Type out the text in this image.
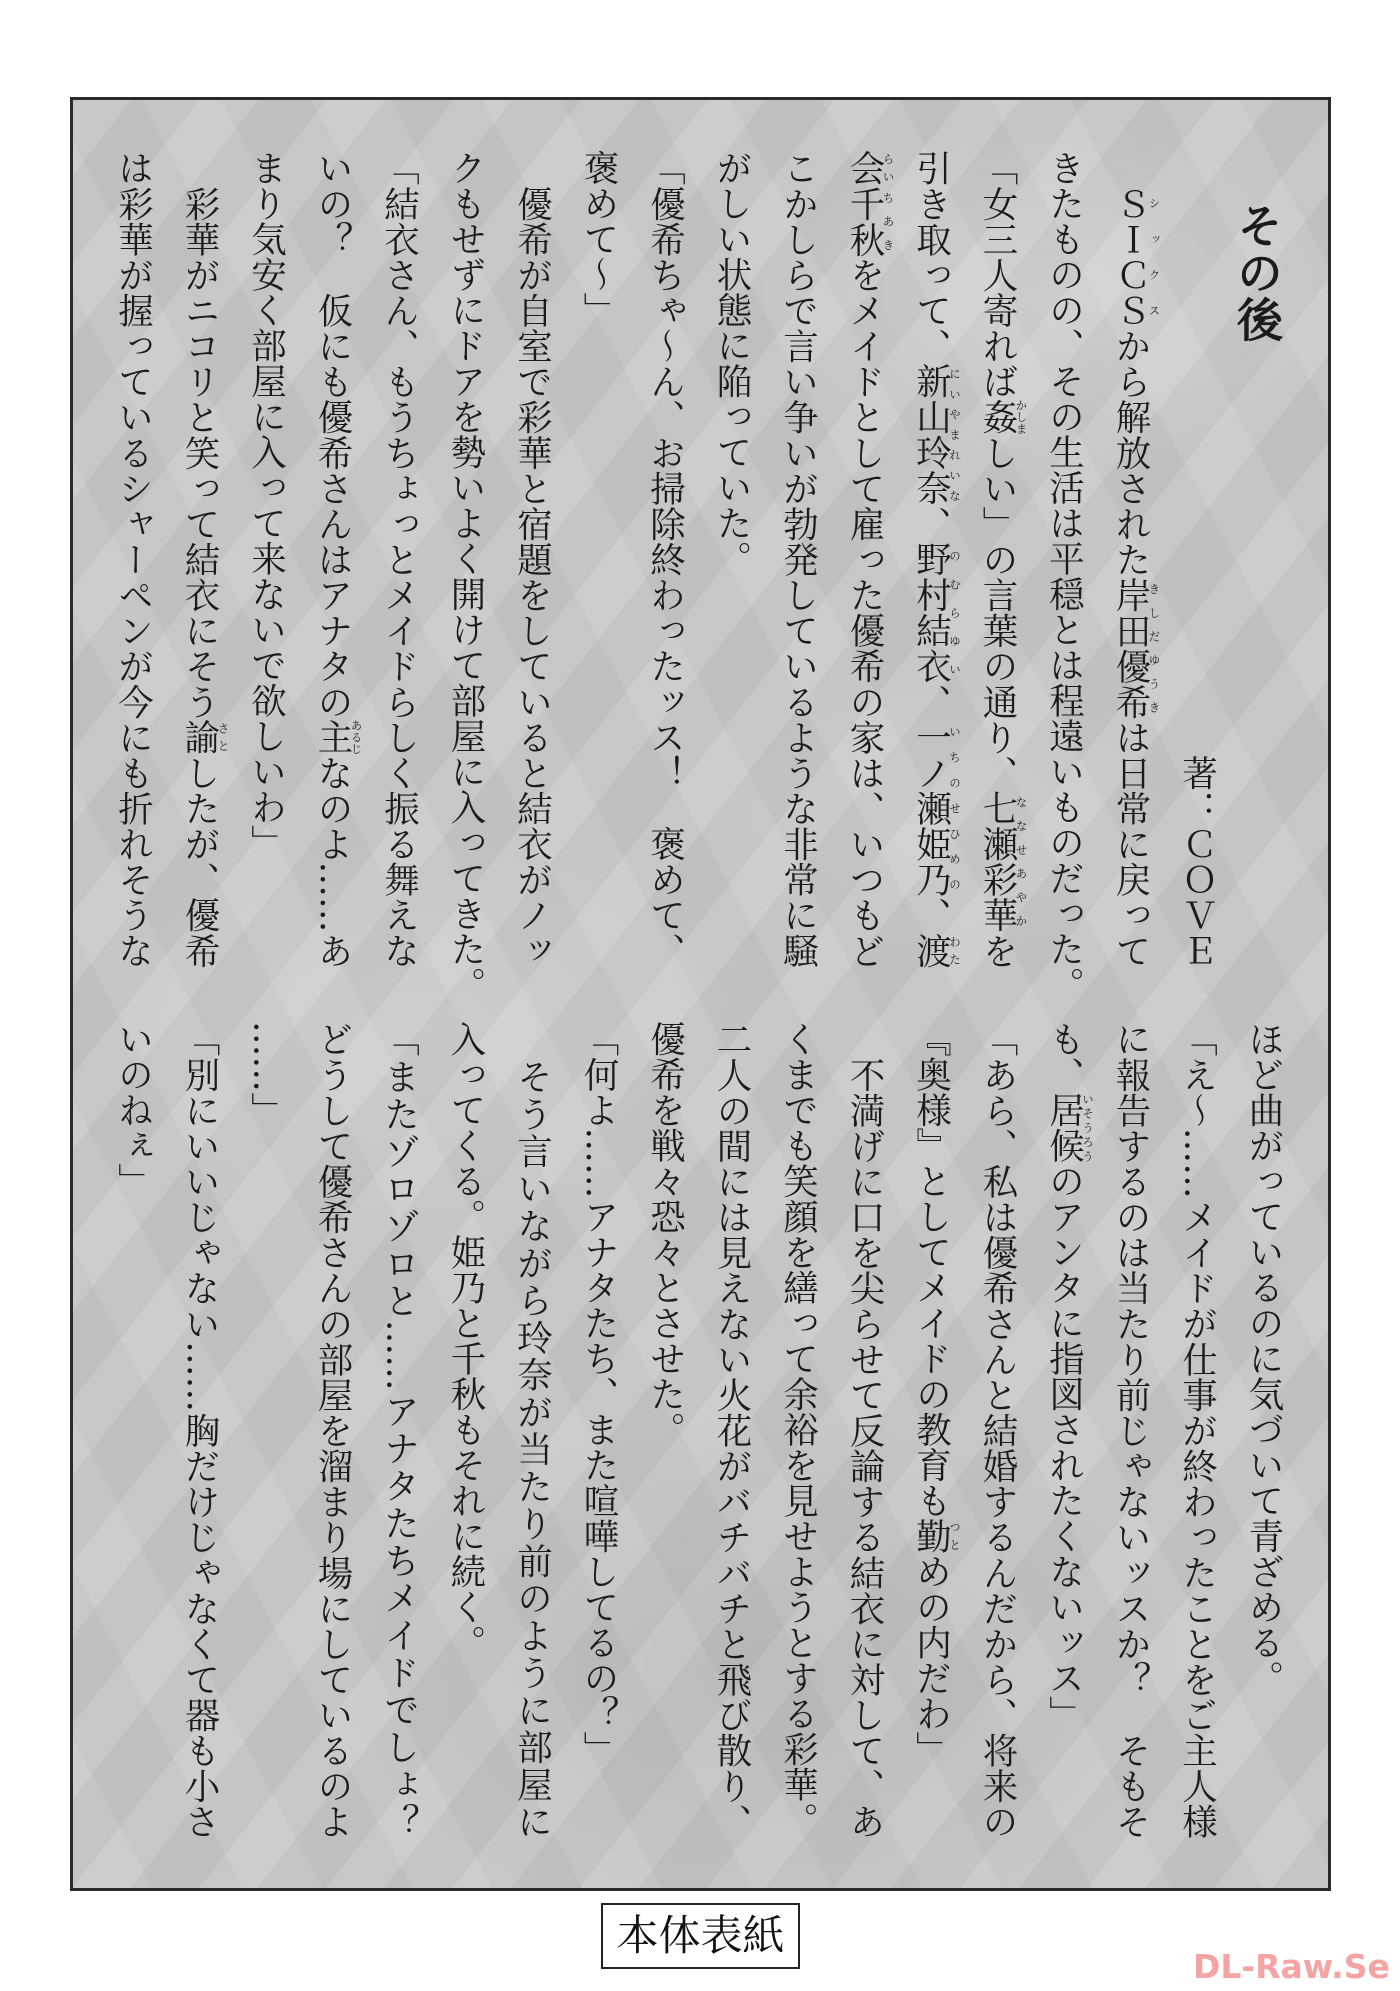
その後
著：ＣＯＶＥ
　ＳＩＣＳシックスから解放された岸田優希きしだゆうきは日常に戻って
きたものの、その生活は平穏とは程遠いものだった。
「女三人寄れば姦かしましい」の言葉の通り、七瀬彩華ななせあやかを
引き取って、新山玲奈にいやまれいな、野村結衣のむらゆい、一ノ瀬姫乃いちのせひめの、渡わた
会らい千秋ちあきをメイドとして雇った優希の家は、いつもど
こかしらで言い争いが勃発しているような非常に騒
がしい状態に陥っていた。
「優希ちゃ〜ん、お掃除終わったッス！　褒めて、
褒めて〜」
　優希が自室で彩華と宿題をしていると結衣がノッ
クもせずにドアを勢いよく開けて部屋に入ってきた。
「結衣さん、もうちょっとメイドらしく振る舞えな
いの？　仮にも優希さんはアナタの主あるじなのよ……あ
まり気安く部屋に入って来ないで欲しいわ」
　彩華がニコリと笑って結衣にそう諭さとしたが、優希
は彩華が握っているシャーペンが今にも折れそうな
ほど曲がっているのに気づいて青ざめる。
「え〜……メイドが仕事が終わったことをご主人様
に報告するのは当たり前じゃないッスか？　そもそ
も、居候いそうろうのアンタに指図されたくないッス」
「あら、私は優希さんと結婚するんだから、将来の
『奥様』としてメイドの教育も勤つとめの内だわ」
　不満げに口を尖らせて反論する結衣に対して、あ
くまでも笑顔を繕って余裕を見せようとする彩華。
二人の間には見えない火花がバチバチと飛び散り、
優希を戦々恐々とさせた。
「何よ……アナタたち、また喧嘩してるの？」
　そう言いながら玲奈が当たり前のように部屋に
入ってくる。姫乃と千秋もそれに続く。
「またゾロゾロと……アナタたちメイドでしょ？
どうして優希さんの部屋を溜まり場にしているのよ
……」
「別にいいじゃない……胸だけじゃなくて器も小さ
いのねぇ」
本体表紙
DL-Raw.Se
